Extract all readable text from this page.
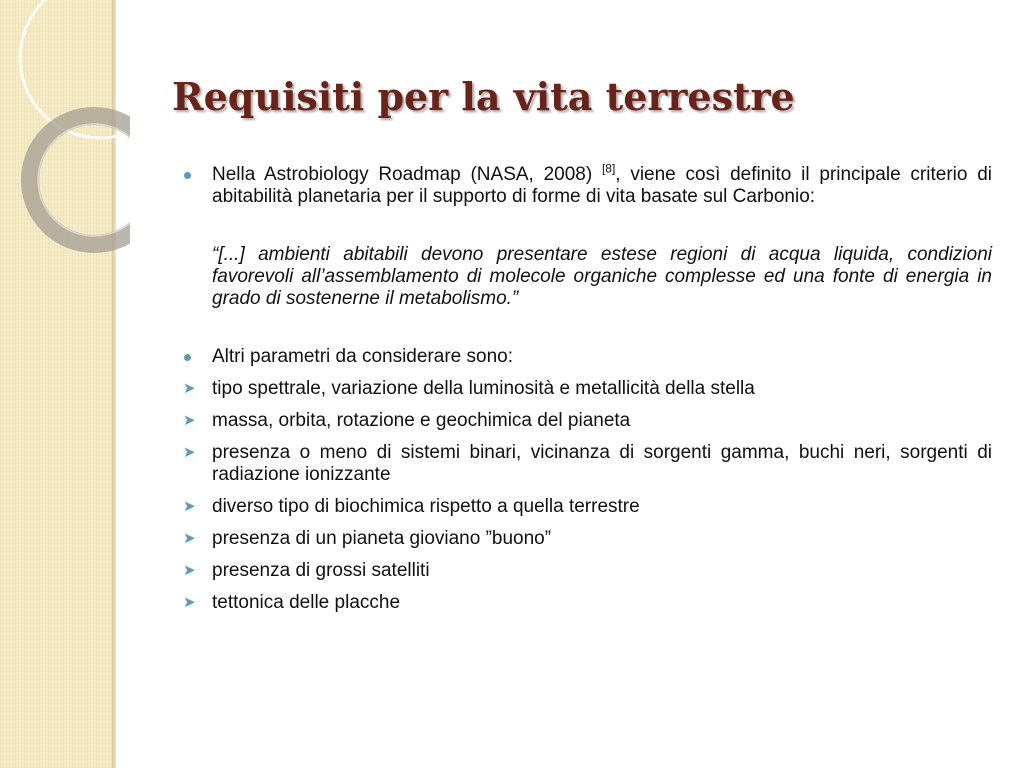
Requisiti per la vita terrestre
Nella Astrobiology Roadmap (NASA, 2008) [8], viene così definito il principale criterio di abitabilità planetaria per il supporto di forme di vita basate sul Carbonio:
“[...] ambienti abitabili devono presentare estese regioni di acqua liquida, condizioni favorevoli all’assemblamento di molecole organiche complesse ed una fonte di energia in grado di sostenerne il metabolismo.”
Altri parametri da considerare sono:
➤ tipo spettrale, variazione della luminosità e metallicità della stella
➤ massa, orbita, rotazione e geochimica del pianeta
➤ presenza o meno di sistemi binari, vicinanza di sorgenti gamma, buchi neri, sorgenti di radiazione ionizzante
➤ diverso tipo di biochimica rispetto a quella terrestre
➤ presenza di un pianeta gioviano ”buono”
➤ presenza di grossi satelliti
➤ tettonica delle placche
